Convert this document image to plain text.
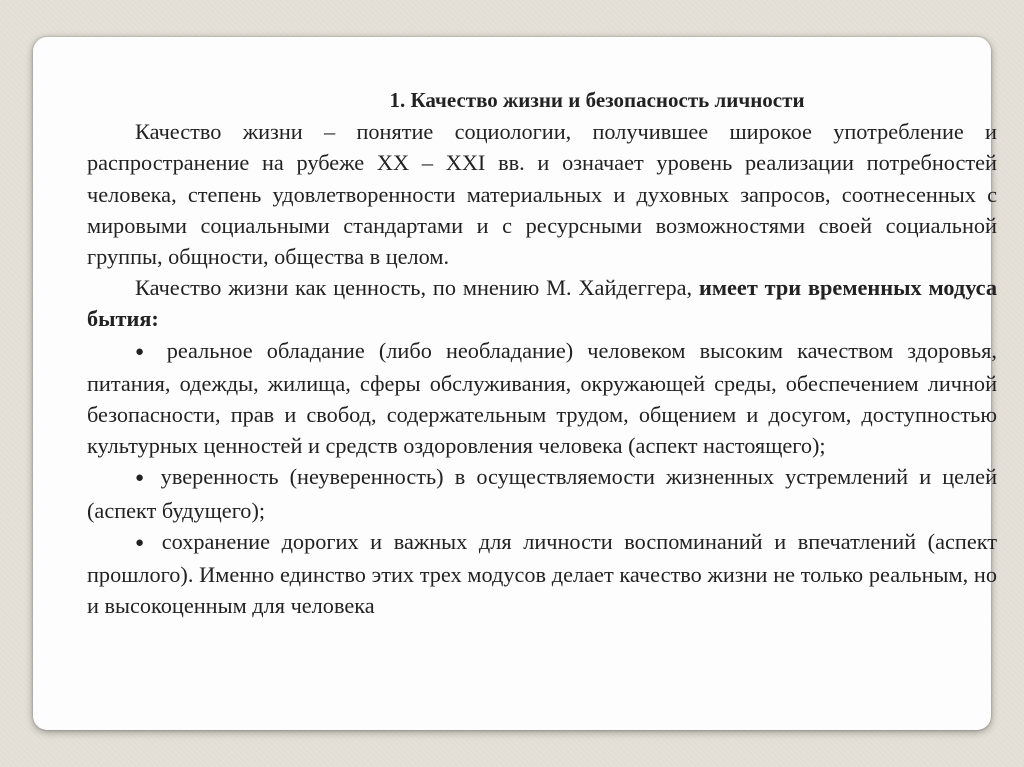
1. Качество жизни и безопасность личности

Качество жизни – понятие социологии, получившее широкое употребление и распространение на рубеже XX – XXI вв. и означает уровень реализации потребностей человека, степень удовлетворенности материальных и духовных запросов, соотнесенных с мировыми социальными стандартами и с ресурсными возможностями своей социальной группы, общности, общества в целом.

Качество жизни как ценность, по мнению М. Хайдеггера, имеет три временных модуса бытия:

● реальное обладание (либо необладание) человеком высоким качеством здоровья, питания, одежды, жилища, сферы обслуживания, окружающей среды, обеспечением личной безопасности, прав и свобод, содержательным трудом, общением и досугом, доступностью культурных ценностей и средств оздоровления человека (аспект настоящего);

● уверенность (неуверенность) в осуществляемости жизненных устремлений и целей (аспект будущего);

● сохранение дорогих и важных для личности воспоминаний и впечатлений (аспект прошлого). Именно единство этих трех модусов делает качество жизни не только реальным, но и высокоценным для человека
